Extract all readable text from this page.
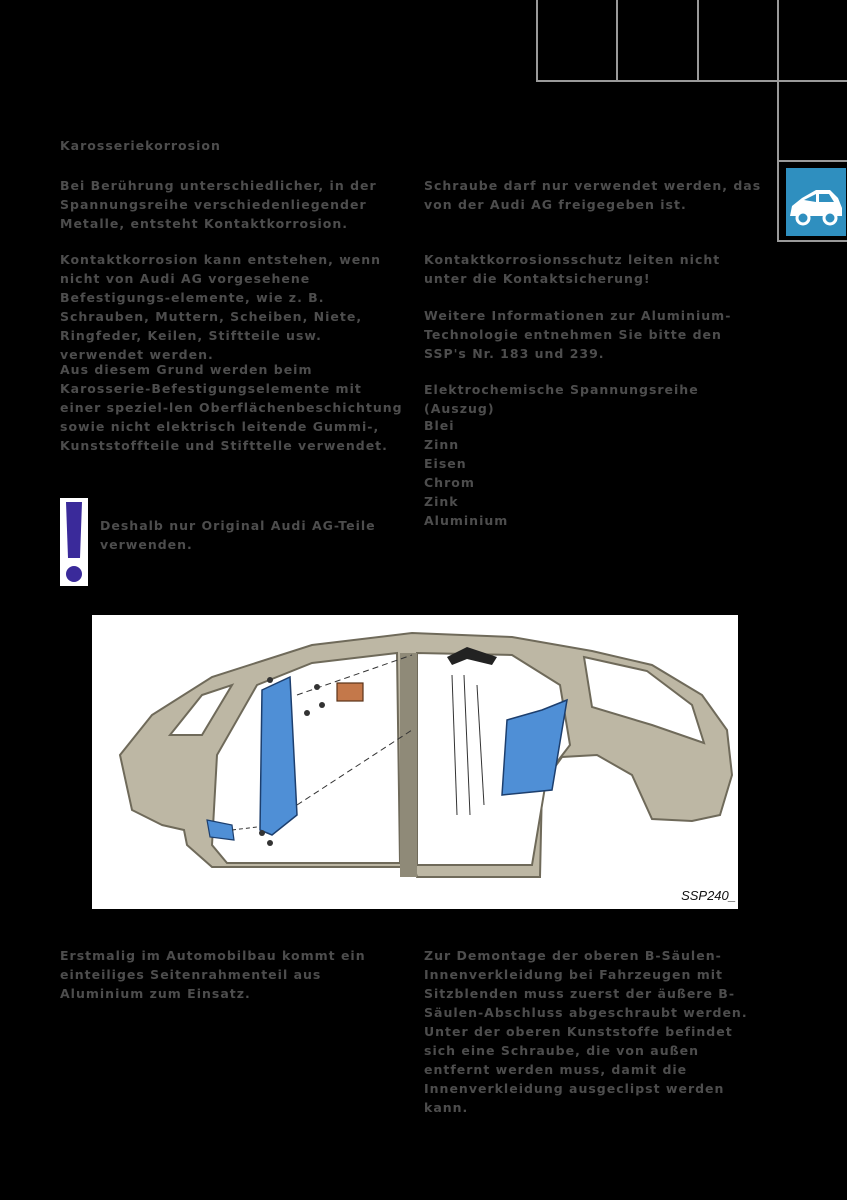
Karosseriekorrosion
Bei Berührung unterschiedlicher, in der Spannungsreihe verschiedenliegender Metalle, entsteht Kontaktkorrosion.
Kontaktkorrosion kann entstehen, wenn nicht von Audi AG vorgesehene Befestigungs-elemente, wie z. B. Schrauben, Muttern, Scheiben, Niete, Ringfeder, Keilen, Stiftteile usw. verwendet werden.
Aus diesem Grund werden beim Karosserie-Befestigungselemente mit einer speziel-len Oberflächenbeschichtung sowie nicht elektrisch leitende Gummi-, Kunststoffteile und Stifttelle verwendet.
Deshalb nur Original Audi AG-Teile verwenden.
Schraube darf nur verwendet werden, das von der Audi AG freigegeben ist.
Kontaktkorrosionsschutz leiten nicht unter die Kontaktsicherung!
Weitere Informationen zur Aluminium-Technologie entnehmen Sie bitte den SSP's Nr. 183 und 239.
Elektrochemische Spannungsreihe (Auszug)
Blei
Zinn
Eisen
Chrom
Zink
Aluminium
SSP240_
Erstmalig im Automobilbau kommt ein einteiliges Seitenrahmenteil aus Aluminium zum Einsatz.
Zur Demontage der oberen B-Säulen-Innenverkleidung bei Fahrzeugen mit Sitzblenden muss zuerst der äußere B-Säulen-Abschluss abgeschraubt werden. Unter der oberen Kunststoffe befindet sich eine Schraube, die von außen entfernt werden muss, damit die Innenverkleidung ausgeclipst werden kann.
